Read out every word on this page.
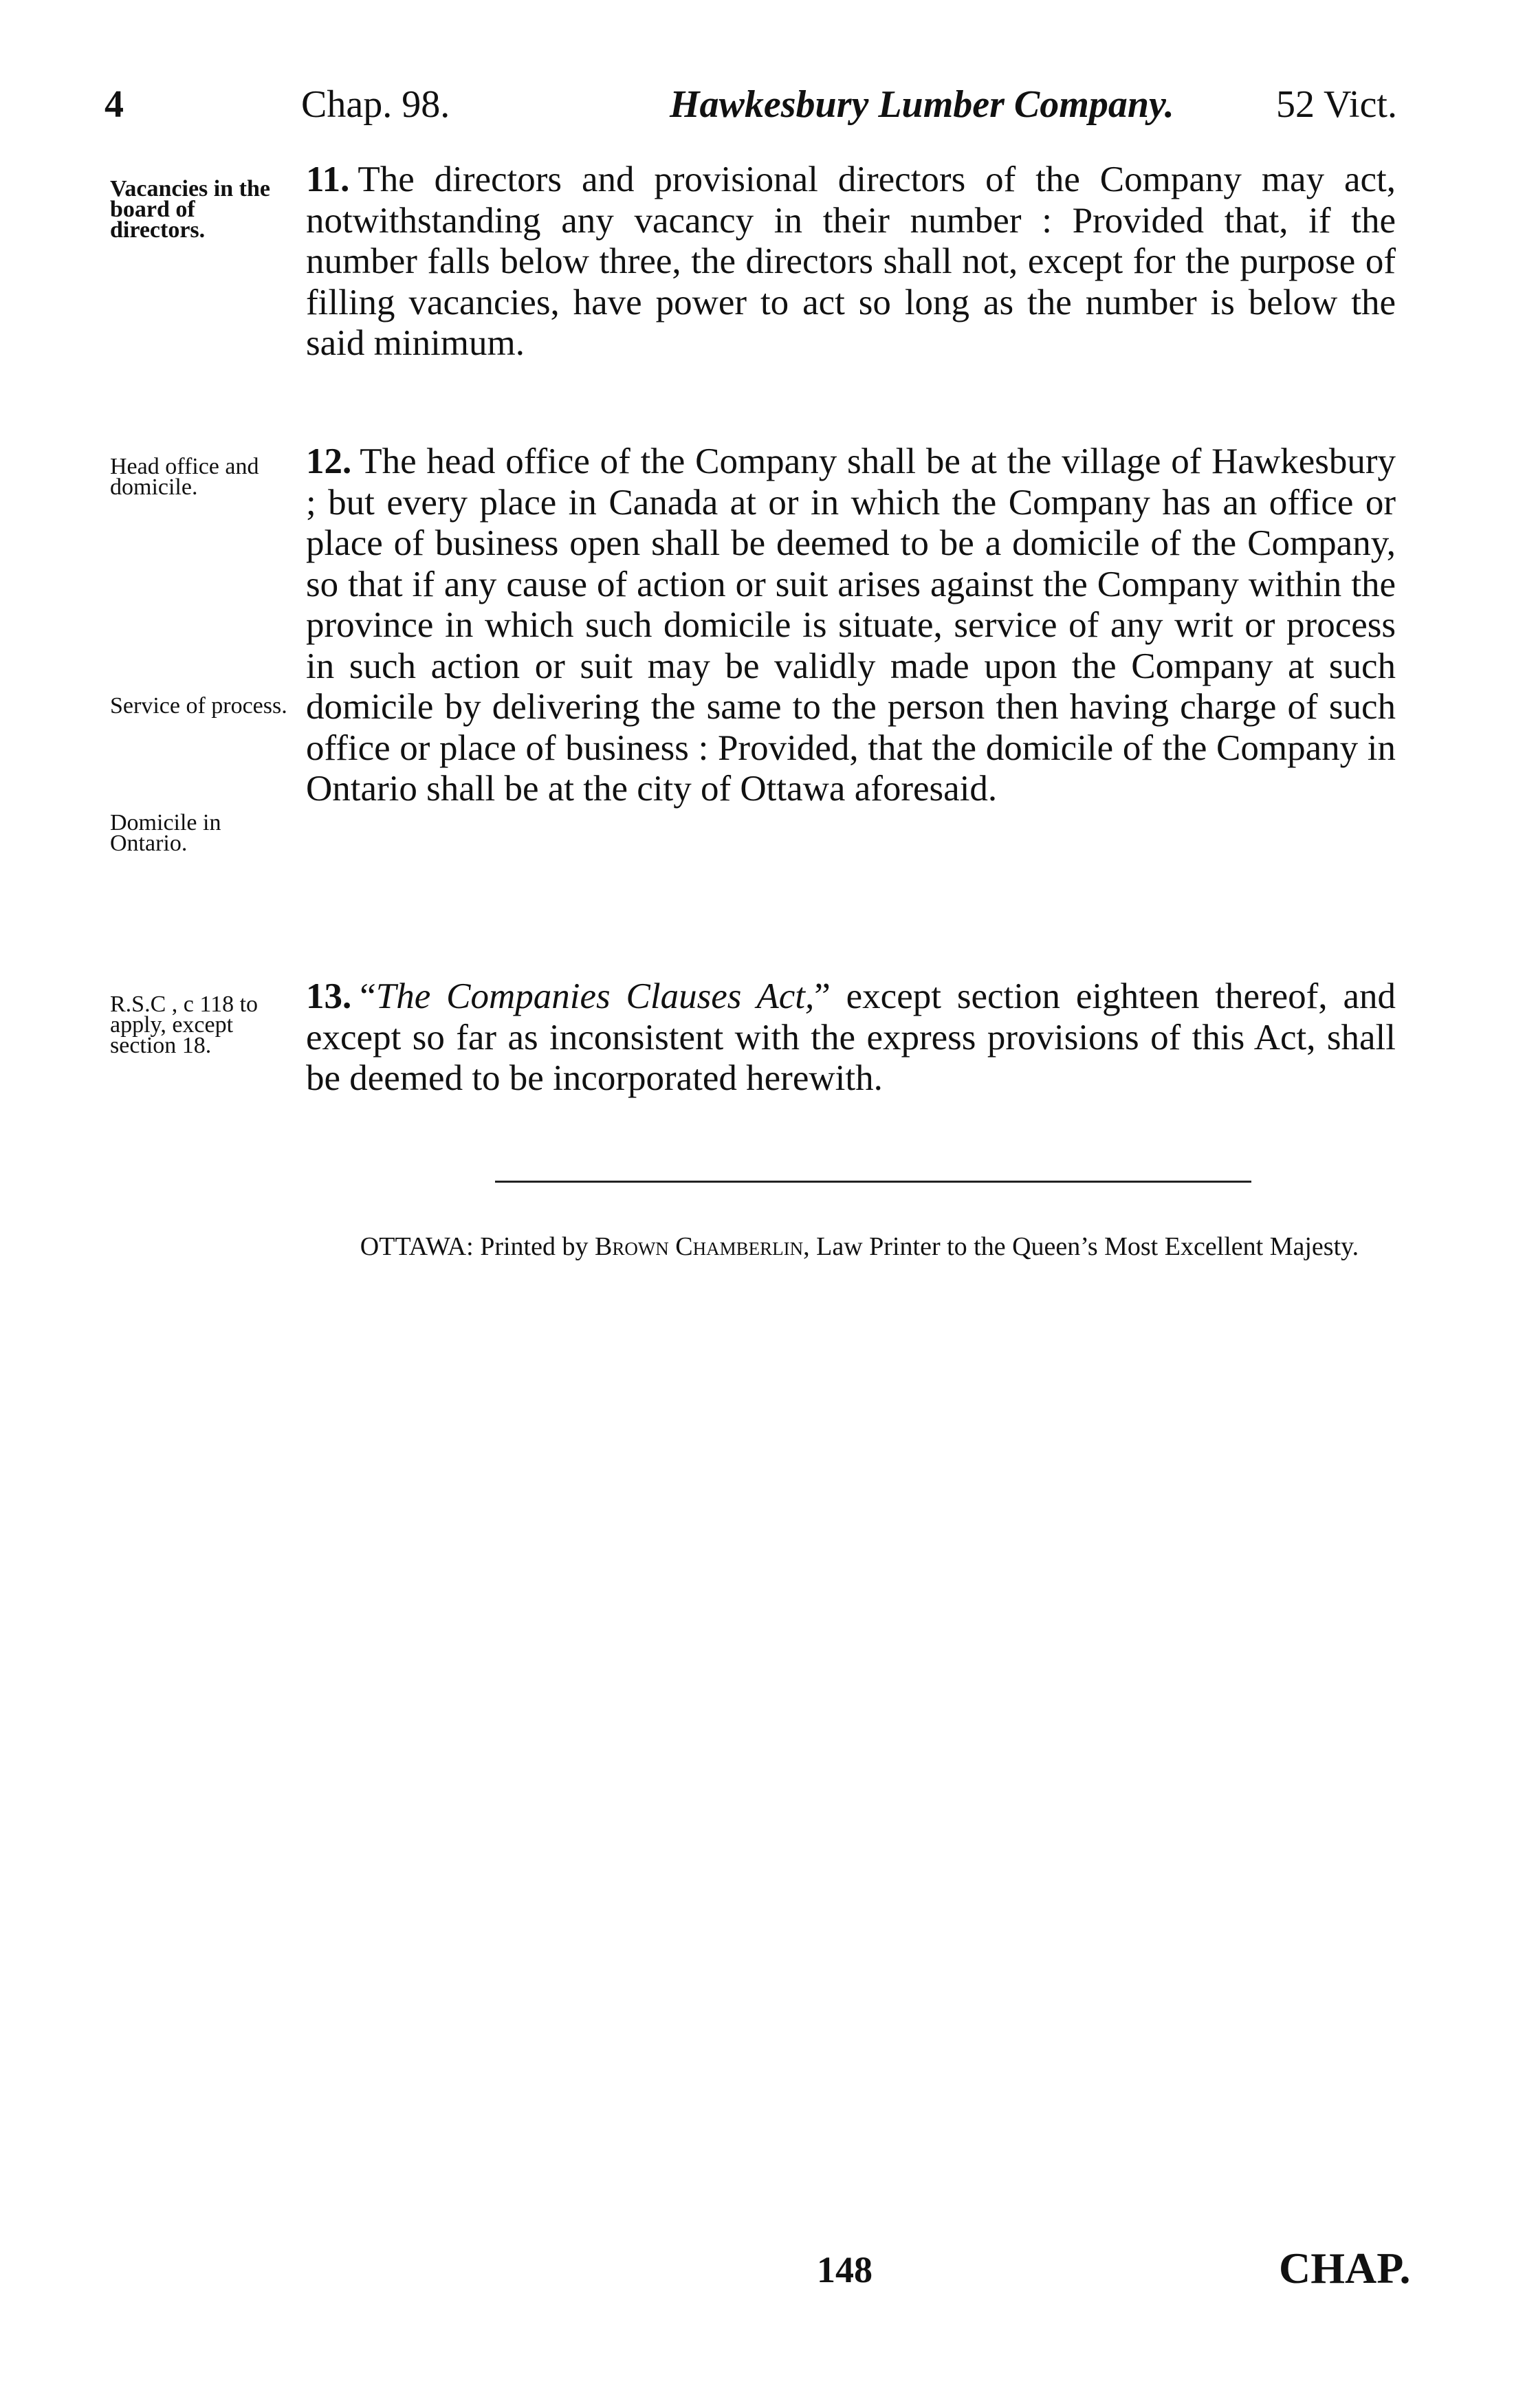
4	Chap. 98.	Hawkesbury Lumber Company.	52 Vict.
Vacancies in the board of directors.
11. The directors and provisional directors of the Company may act, notwithstanding any vacancy in their number : Provided that, if the number falls below three, the directors shall not, except for the purpose of filling vacancies, have power to act so long as the number is below the said minimum.
Head office and domicile.
Service of process.
Domicile in Ontario.
12. The head office of the Company shall be at the village of Hawkesbury ; but every place in Canada at or in which the Company has an office or place of business open shall be deemed to be a domicile of the Company, so that if any cause of action or suit arises against the Company within the province in which such domicile is situate, service of any writ or process in such action or suit may be validly made upon the Company at such domicile by delivering the same to the person then having charge of such office or place of business : Provided, that the domicile of the Company in Ontario shall be at the city of Ottawa aforesaid.
R.S.C , c 118 to apply, except section 18.
13. “The Companies Clauses Act,” except section eighteen thereof, and except so far as inconsistent with the express provisions of this Act, shall be deemed to be incorporated herewith.
OTTAWA: Printed by Brown Chamberlin, Law Printer to the Queen’s Most Excellent Majesty.
148	CHAP.
